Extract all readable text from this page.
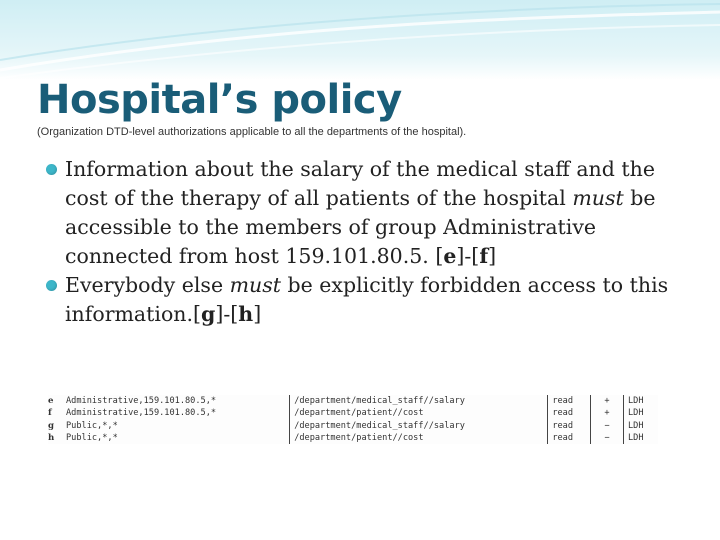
Hospital’s policy
(Organization DTD-level authorizations applicable to all the departments of the hospital).
Information about the salary of the medical staff and the cost of the therapy of all patients of the hospital must be accessible to the members of group Administrative connected from host 159.101.80.5. [e]-[f]
Everybody else must be explicitly forbidden access to this information.[g]-[h]
e	Administrative,159.101.80.5,*	/department/medical_staff//salary	read	+	LDH
f	Administrative,159.101.80.5,*	/department/patient//cost	read	+	LDH
g	Public,*,*	/department/medical_staff//salary	read	−	LDH
h	Public,*,*	/department/patient//cost	read	−	LDH
